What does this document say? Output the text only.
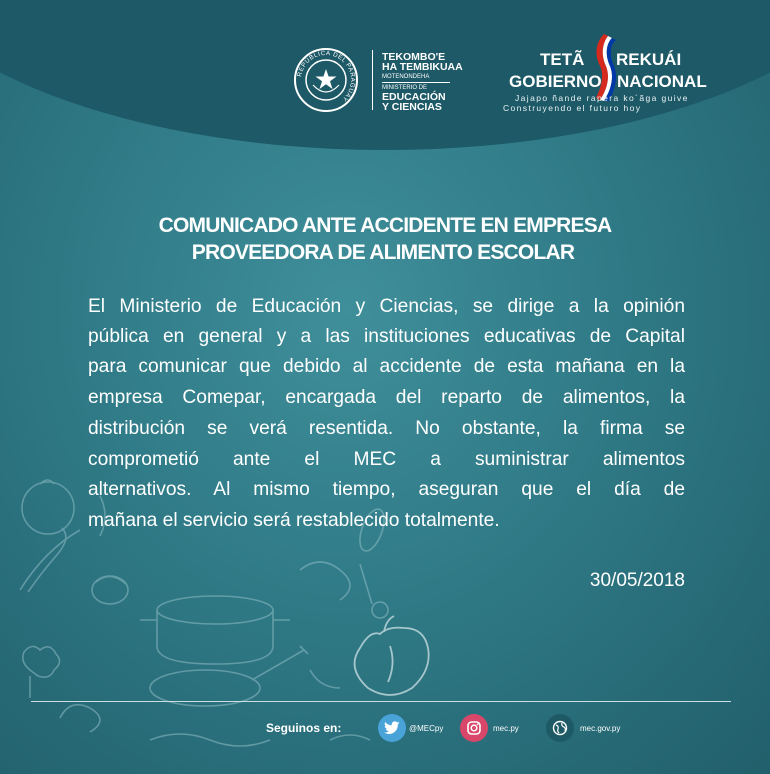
REPÚBLICA DEL PARAGUAY
TEKOMBO'E
HA TEMBIKUAA
MOTENONDEHA
MINISTERIO DE
EDUCACIÓN
Y CIENCIAS
TETÃ REKUÁI
GOBIERNO NACIONAL
Jajapo ñande rapera ko´ãga guive
Construyendo el futuro hoy
COMUNICADO ANTE ACCIDENTE EN EMPRESA
PROVEEDORA DE ALIMENTO ESCOLAR
El Ministerio de Educación y Ciencias, se dirige a la opinión
pública en general y a las instituciones educativas de Capital
para comunicar que debido al accidente de esta mañana en la
empresa Comepar, encargada del reparto de alimentos, la
distribución se verá resentida. No obstante, la firma se
comprometió ante el MEC a suministrar alimentos
alternativos. Al mismo tiempo, aseguran que el día de
mañana el servicio será restablecido totalmente.
30/05/2018
Seguinos en:	@MECpy	mec.py	mec.gov.py
